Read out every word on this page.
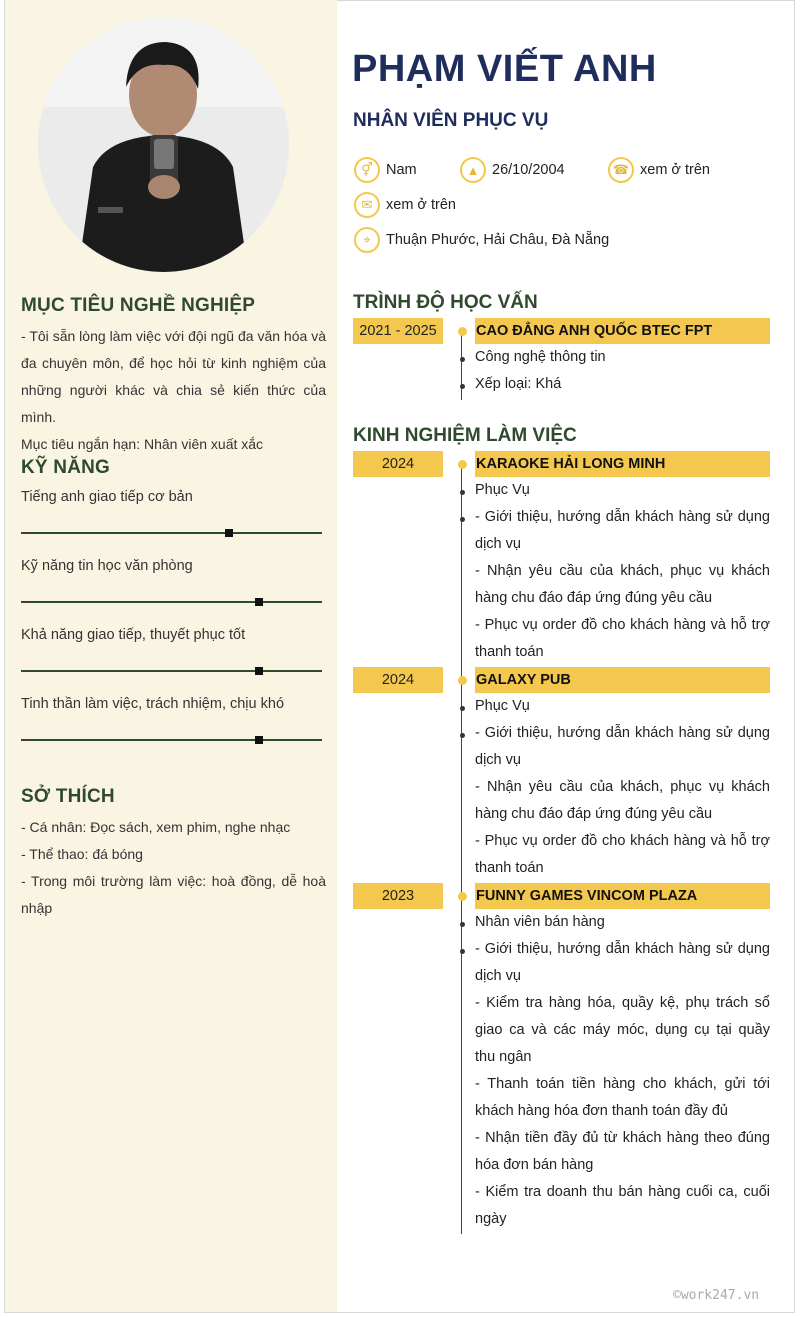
MỤC TIÊU NGHỀ NGHIỆP
- Tôi sẵn lòng làm việc với đội ngũ đa văn hóa và
đa chuyên môn, để học hỏi từ kinh nghiệm của
những người khác và chia sẻ kiến thức của mình.
Mục tiêu ngắn hạn: Nhân viên xuất xắc
KỸ NĂNG
Tiếng anh giao tiếp cơ bản
Kỹ năng tin học văn phòng
Khả năng giao tiếp, thuyết phục tốt
Tinh thần làm việc, trách nhiệm, chịu khó
SỞ THÍCH
- Cá nhân: Đọc sách, xem phim, nghe nhạc
- Thể thao: đá bóng
- Trong môi trường làm việc: hoà đồng, dễ hoà
nhập
PHẠM VIẾT ANH
NHÂN VIÊN PHỤC VỤ
⚥ Nam	▲ 26/10/2004	☎ xem ở trên
✉ xem ở trên
⌖	Thuận Phước, Hải Châu, Đà Nẵng
TRÌNH ĐỘ HỌC VẤN
2021 - 2025	CAO ĐẲNG ANH QUỐC BTEC FPT
Công nghệ thông tin
Xếp loại: Khá
KINH NGHIỆM LÀM VIỆC
2024	KARAOKE HẢI LONG MINH
Phục Vụ
- Giới thiệu, hướng dẫn khách hàng sử dụng
dịch vụ
- Nhận yêu cầu của khách, phục vụ khách
hàng chu đáo đáp ứng đúng yêu cầu
- Phục vụ order đồ cho khách hàng và hỗ trợ
thanh toán
2024	GALAXY PUB
Phục Vụ
- Giới thiệu, hướng dẫn khách hàng sử dụng
dịch vụ
- Nhận yêu cầu của khách, phục vụ khách
hàng chu đáo đáp ứng đúng yêu cầu
- Phục vụ order đồ cho khách hàng và hỗ trợ
thanh toán
2023	FUNNY GAMES VINCOM PLAZA
Nhân viên bán hàng
- Giới thiệu, hướng dẫn khách hàng sử dụng
dịch vụ
- Kiểm tra hàng hóa, quầy kệ, phụ trách sổ
giao ca và các máy móc, dụng cụ tại quầy
thu ngân
- Thanh toán tiền hàng cho khách, gửi tới
khách hàng hóa đơn thanh toán đầy đủ
- Nhận tiền đầy đủ từ khách hàng theo đúng
hóa đơn bán hàng
- Kiểm tra doanh thu bán hàng cuối ca, cuối
ngày
©work247.vn
